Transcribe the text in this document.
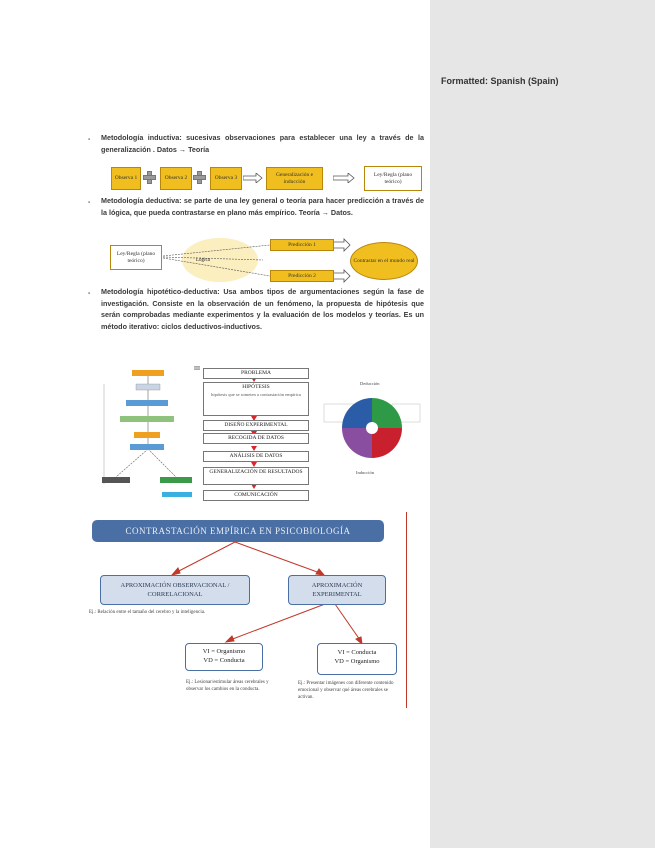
Formatted: Spanish (Spain)
- Metodología inductiva: sucesivas observaciones para establecer una ley a través de la generalización . Datos → Teoría
Observa 1	Observa 2	Observa 3
Generalización e inducción
Ley/Regla (plano teórico)
- Metodología deductiva: se parte de una ley general o teoría para hacer predicción a través de la lógica, que pueda contrastarse en plano más empírico. Teoría → Datos.
Ley/Regla (plano teórico)	Lógica
Predicción 1
Predicción 2
Contrastar en el mundo real
- Metodología hipotético-deductiva: Usa ambos tipos de argumentaciones según la fase de investigación. Consiste en la observación de un fenómeno, la propuesta de hipótesis que serán comprobadas mediante experimentos y la evaluación de los modelos y teorías. Es un método iterativo: ciclos deductivos-inductivos.
III
PROBLEMA
HIPÓTESIS
hipótesis que se someten a contrastación empírica
DISEÑO EXPERIMENTAL
RECOGIDA DE DATOS
ANÁLISIS DE DATOS
GENERALIZACIÓN DE RESULTADOS
COMUNICACIÓN
Deducción
Inducción
CONTRASTACIÓN EMPÍRICA EN PSICOBIOLOGÍA
APROXIMACIÓN OBSERVACIONAL / CORRELACIONAL
APROXIMACIÓN EXPERIMENTAL
Ej.: Relación entre el tamaño del cerebro y la inteligencia.
VI = Organismo
VD = Conducta
VI = Conducta
VD = Organismo
Ej.: Lesionar/estimular áreas cerebrales y observar los cambios en la conducta.
Ej.: Presentar imágenes con diferente contenido emocional y observar qué áreas cerebrales se activan.
